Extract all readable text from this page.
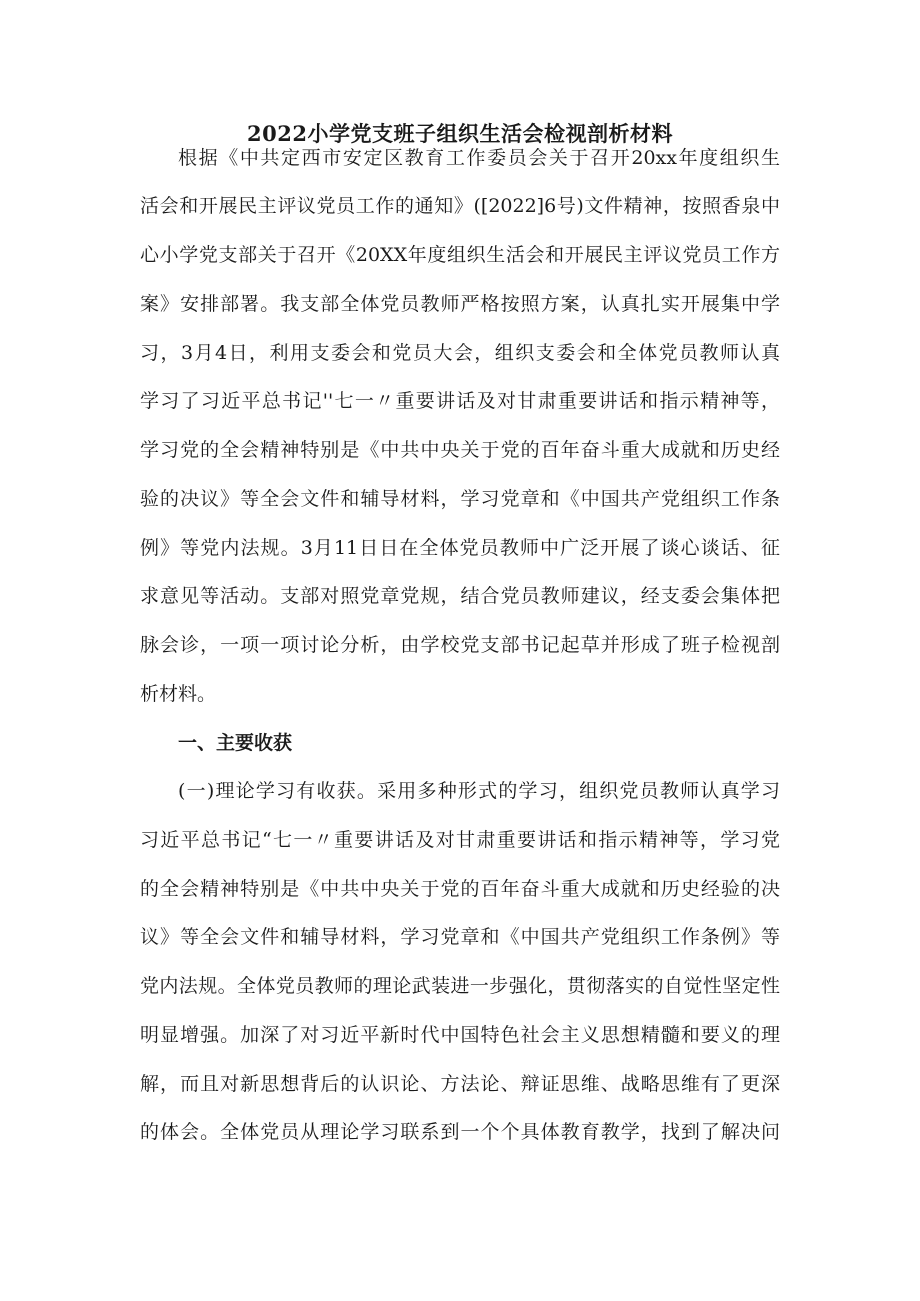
2022小学党支班子组织生活会检视剖析材料
根据《中共定西市安定区教育工作委员会关于召开20xx年度组织生
活会和开展民主评议党员工作的通知》([2022]6号)文件精神，按照香泉中
心小学党支部关于召开《20XX年度组织生活会和开展民主评议党员工作方
案》安排部署。我支部全体党员教师严格按照方案，认真扎实开展集中学
习，3月4日，利用支委会和党员大会，组织支委会和全体党员教师认真
学习了习近平总书记''七一〃重要讲话及对甘肃重要讲话和指示精神等，
学习党的全会精神特别是《中共中央关于党的百年奋斗重大成就和历史经
验的决议》等全会文件和辅导材料，学习党章和《中国共产党组织工作条
例》等党内法规。3月11日日在全体党员教师中广泛开展了谈心谈话、征
求意见等活动。支部对照党章党规，结合党员教师建议，经支委会集体把
脉会诊，一项一项讨论分析，由学校党支部书记起草并形成了班子检视剖
析材料。
一、主要收获
(一)理论学习有收获。采用多种形式的学习，组织党员教师认真学习
习近平总书记“七一〃重要讲话及对甘肃重要讲话和指示精神等，学习党
的全会精神特别是《中共中央关于党的百年奋斗重大成就和历史经验的决
议》等全会文件和辅导材料，学习党章和《中国共产党组织工作条例》等
党内法规。全体党员教师的理论武装进一步强化，贯彻落实的自觉性坚定性
明显增强。加深了对习近平新时代中国特色社会主义思想精髓和要义的理
解，而且对新思想背后的认识论、方法论、辩证思维、战略思维有了更深
的体会。全体党员从理论学习联系到一个个具体教育教学，找到了解决问
